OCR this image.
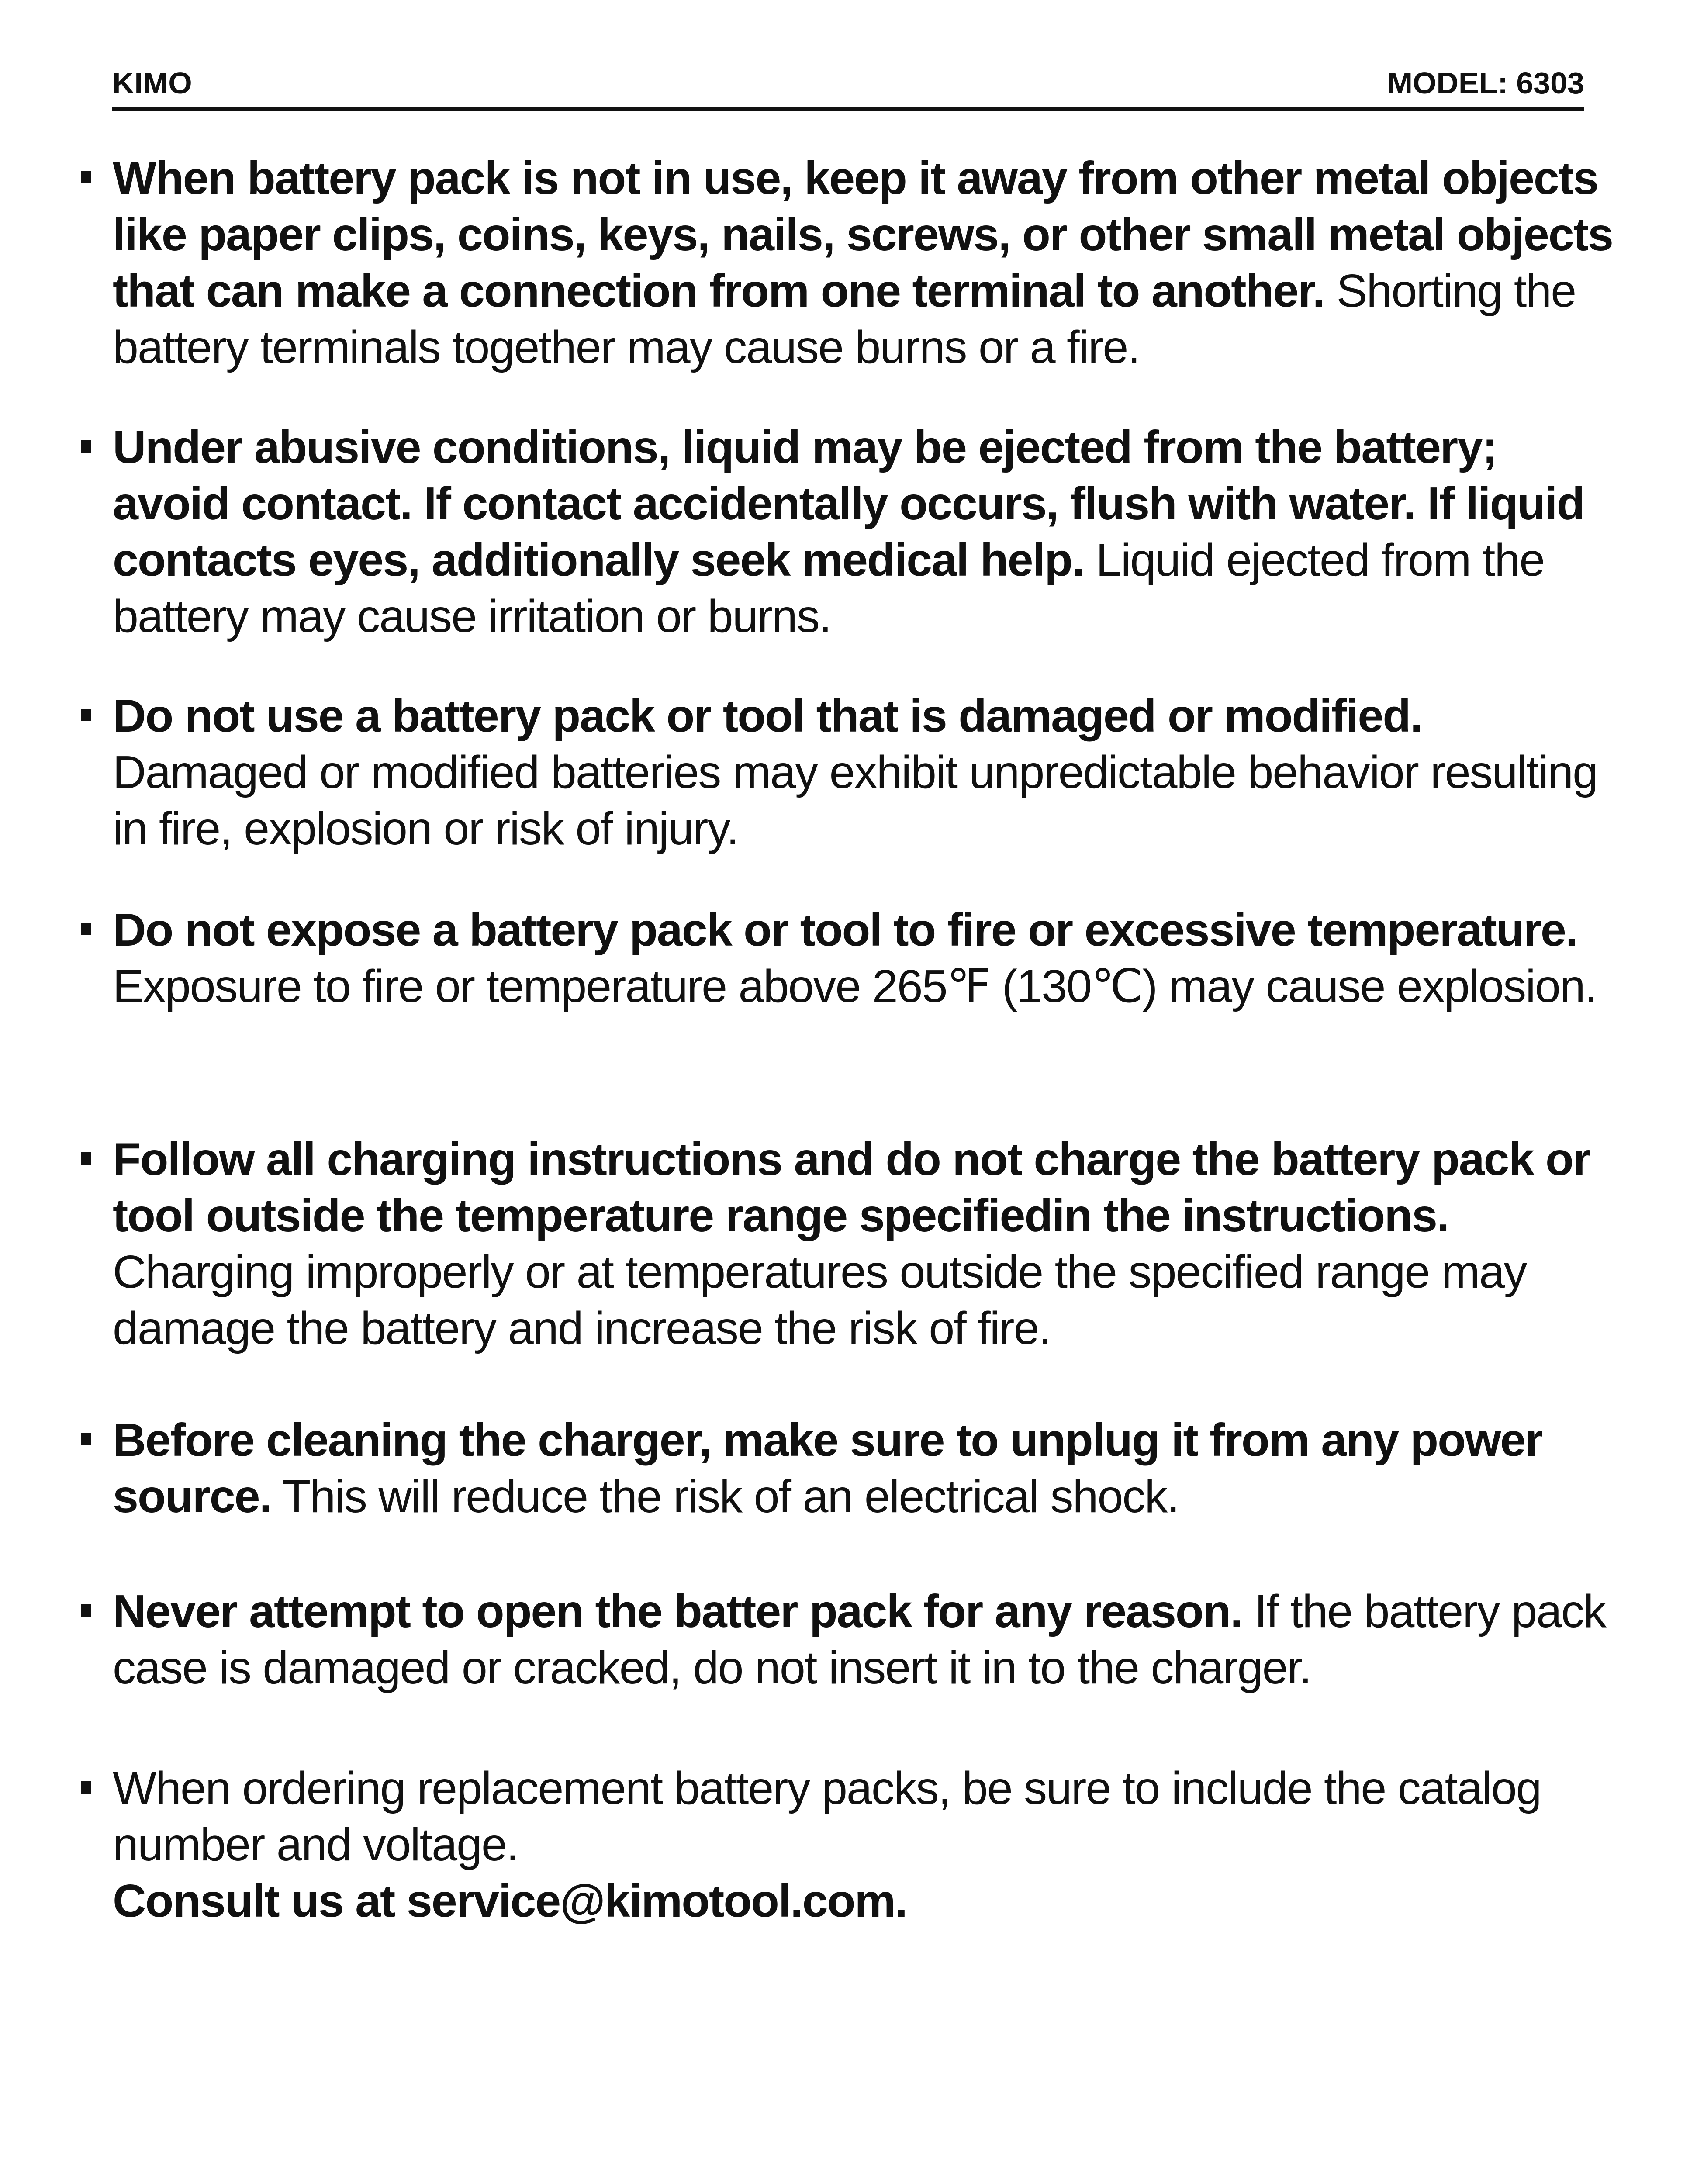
KIMO	MODEL: 6303
When battery pack is not in use, keep it away from other metal objects like paper clips, coins, keys, nails, screws, or other small metal objects that can make a connection from one terminal to another. Shorting the battery terminals together may cause burns or a fire.
Under abusive conditions, liquid may be ejected from the battery; avoid contact. If contact accidentally occurs, flush with water. If liquid contacts eyes, additionally seek medical help. Liquid ejected from the battery may cause irritation or burns.
Do not use a battery pack or tool that is damaged or modified. Damaged or modified batteries may exhibit unpredictable behavior resulting in fire, explosion or risk of injury.
Do not expose a battery pack or tool to fire or excessive temperature. Exposure to fire or temperature above 265℉ (130℃) may cause explosion.
Follow all charging instructions and do not charge the battery pack or tool outside the temperature range specifiedin the instructions. Charging improperly or at temperatures outside the specified range may damage the battery and increase the risk of fire.
Before cleaning the charger, make sure to unplug it from any power source. This will reduce the risk of an electrical shock.
Never attempt to open the batter pack for any reason. If the battery pack case is damaged or cracked, do not insert it in to the charger.
When ordering replacement battery packs, be sure to include the catalog number and voltage.
Consult us at service@kimotool.com.
